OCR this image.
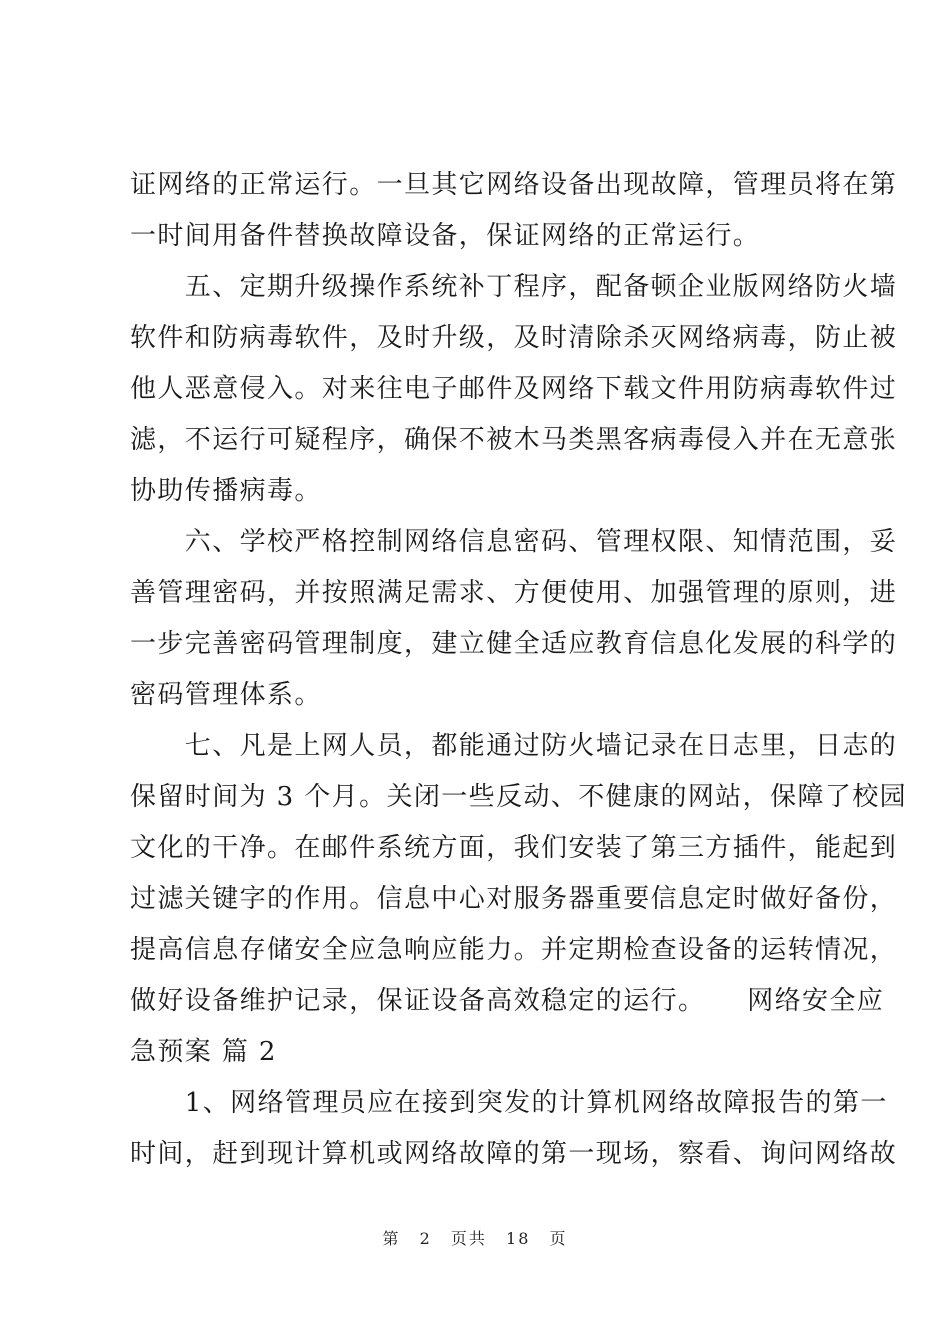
证网络的正常运行。一旦其它网络设备出现故障，管理员将在第
一时间用备件替换故障设备，保证网络的正常运行。
　　五、定期升级操作系统补丁程序，配备顿企业版网络防火墙
软件和防病毒软件，及时升级，及时清除杀灭网络病毒，防止被
他人恶意侵入。对来往电子邮件及网络下载文件用防病毒软件过
滤，不运行可疑程序，确保不被木马类黑客病毒侵入并在无意张
协助传播病毒。
　　六、学校严格控制网络信息密码、管理权限、知情范围，妥
善管理密码，并按照满足需求、方便使用、加强管理的原则，进
一步完善密码管理制度，建立健全适应教育信息化发展的科学的
密码管理体系。
　　七、凡是上网人员，都能通过防火墙记录在日志里，日志的
保留时间为 3 个月。关闭一些反动、不健康的网站，保障了校园
文化的干净。在邮件系统方面，我们安装了第三方插件，能起到
过滤关键字的作用。信息中心对服务器重要信息定时做好备份，
提高信息存储安全应急响应能力。并定期检查设备的运转情况，
做好设备维护记录，保证设备高效稳定的运行。　　网络安全应
急预案 篇 2
　　1、网络管理员应在接到突发的计算机网络故障报告的第一
时间，赶到现计算机或网络故障的第一现场，察看、询问网络故
第 2 页共 18 页
